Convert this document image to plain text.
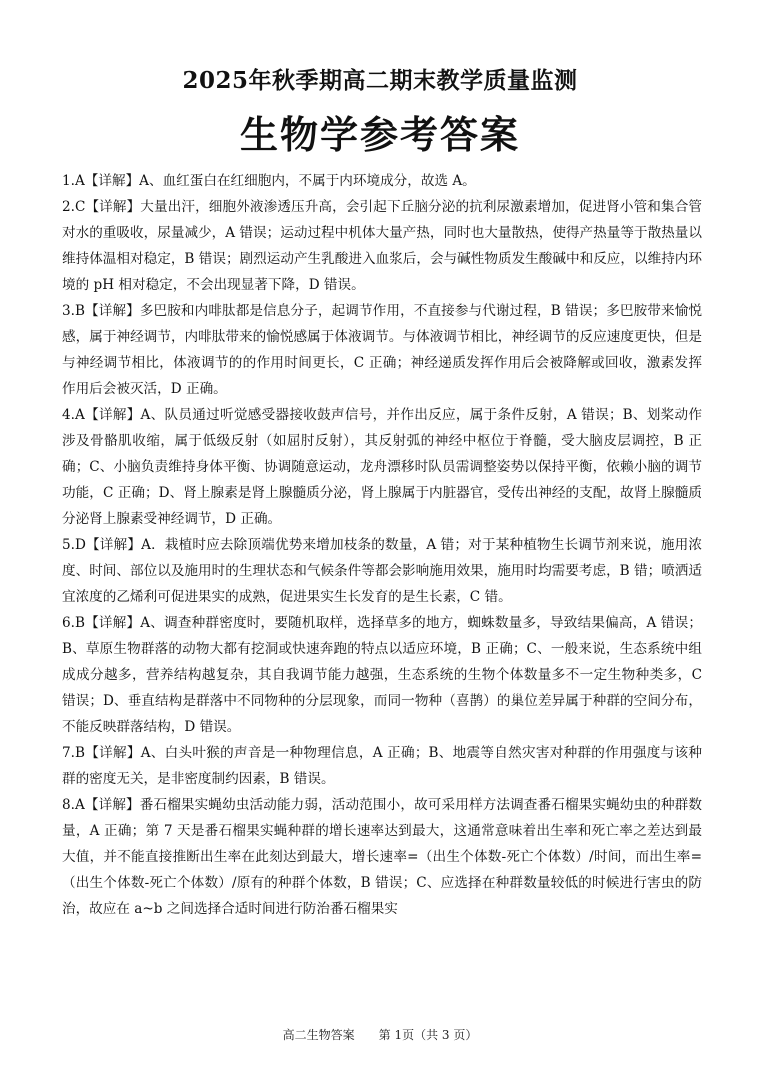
2025年秋季期高二期末教学质量监测
生物学参考答案

1.A【详解】A、血红蛋白在红细胞内，不属于内环境成分，故选 A。

2.C【详解】大量出汗，细胞外液渗透压升高，会引起下丘脑分泌的抗利尿激素增加，促进肾小管和集合管对水的重吸收，尿量减少，A 错误；运动过程中机体大量产热，同时也大量散热，使得产热量等于散热量以维持体温相对稳定，B 错误；剧烈运动产生乳酸进入血浆后，会与碱性物质发生酸碱中和反应，以维持内环境的 pH 相对稳定，不会出现显著下降，D 错误。

3.B【详解】多巴胺和内啡肽都是信息分子，起调节作用，不直接参与代谢过程，B 错误；多巴胺带来愉悦感，属于神经调节，内啡肽带来的愉悦感属于体液调节。与体液调节相比，神经调节的反应速度更快，但是与神经调节相比，体液调节的的作用时间更长，C 正确；神经递质发挥作用后会被降解或回收，激素发挥作用后会被灭活，D 正确。

4.A【详解】A、队员通过听觉感受器接收鼓声信号，并作出反应，属于条件反射，A 错误；B、划桨动作涉及骨骼肌收缩，属于低级反射（如屈肘反射），其反射弧的神经中枢位于脊髓，受大脑皮层调控，B 正确；C、小脑负责维持身体平衡、协调随意运动，龙舟漂移时队员需调整姿势以保持平衡，依赖小脑的调节功能，C 正确；D、肾上腺素是肾上腺髓质分泌，肾上腺属于内脏器官，受传出神经的支配，故肾上腺髓质分泌肾上腺素受神经调节，D 正确。

5.D【详解】A．栽植时应去除顶端优势来增加枝条的数量，A 错；对于某种植物生长调节剂来说，施用浓度、时间、部位以及施用时的生理状态和气候条件等都会影响施用效果，施用时均需要考虑，B 错；喷洒适宜浓度的乙烯利可促进果实的成熟，促进果实生长发育的是生长素，C 错。

6.B【详解】A、调查种群密度时，要随机取样，选择草多的地方，蜘蛛数量多，导致结果偏高，A 错误；B、草原生物群落的动物大都有挖洞或快速奔跑的特点以适应环境，B 正确；C、一般来说，生态系统中组成成分越多，营养结构越复杂，其自我调节能力越强，生态系统的生物个体数量多不一定生物种类多，C 错误；D、垂直结构是群落中不同物种的分层现象，而同一物种（喜鹊）的巢位差异属于种群的空间分布，不能反映群落结构，D 错误。

7.B【详解】A、白头叶猴的声音是一种物理信息，A 正确；B、地震等自然灾害对种群的作用强度与该种群的密度无关，是非密度制约因素，B 错误。

8.A【详解】番石榴果实蝇幼虫活动能力弱，活动范围小，故可采用样方法调查番石榴果实蝇幼虫的种群数量，A 正确；第 7 天是番石榴果实蝇种群的增长速率达到最大，这通常意味着出生率和死亡率之差达到最大值，并不能直接推断出生率在此刻达到最大，增长速率=（出生个体数-死亡个体数）/时间，而出生率=（出生个体数-死亡个体数）/原有的种群个体数，B 错误；C、应选择在种群数量较低的时候进行害虫的防治，故应在 a~b 之间选择合适时间进行防治番石榴果实

高二生物答案　　第 1页（共 3 页）
